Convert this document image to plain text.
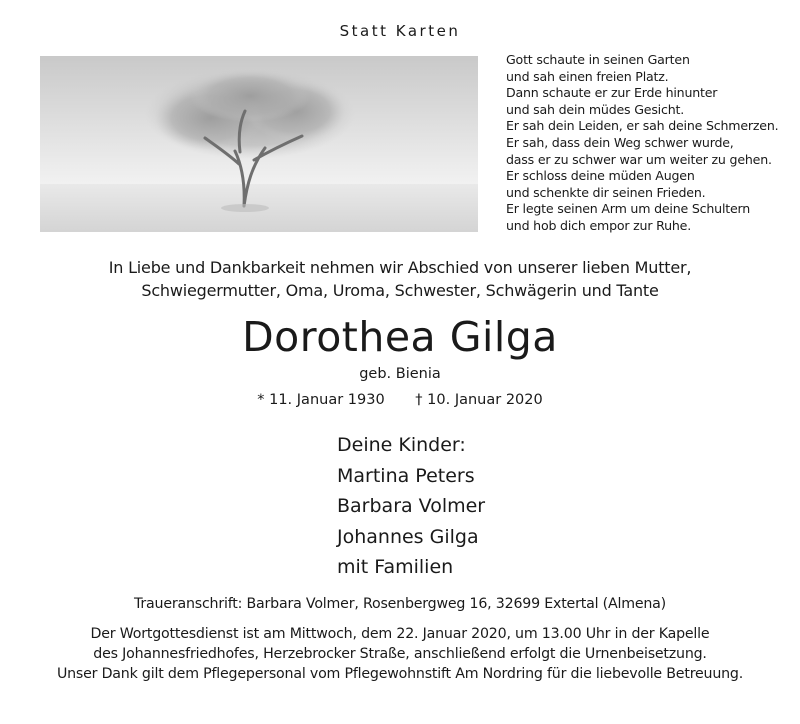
Statt Karten
Gott schaute in seinen Garten
und sah einen freien Platz.
Dann schaute er zur Erde hinunter
und sah dein müdes Gesicht.
Er sah dein Leiden, er sah deine Schmerzen.
Er sah, dass dein Weg schwer wurde,
dass er zu schwer war um weiter zu gehen.
Er schloss deine müden Augen
und schenkte dir seinen Frieden.
Er legte seinen Arm um deine Schultern
und hob dich empor zur Ruhe.
In Liebe und Dankbarkeit nehmen wir Abschied von unserer lieben Mutter,
Schwiegermutter, Oma, Uroma, Schwester, Schwägerin und Tante
Dorothea Gilga
geb. Bienia
* 11. Januar 1930 † 10. Januar 2020
Deine Kinder:
Martina Peters
Barbara Volmer
Johannes Gilga
mit Familien
Traueranschrift: Barbara Volmer, Rosenbergweg 16, 32699 Extertal (Almena)
Der Wortgottesdienst ist am Mittwoch, dem 22. Januar 2020, um 13.00 Uhr in der Kapelle
des Johannesfriedhofes, Herzebrocker Straße, anschließend erfolgt die Urnenbeisetzung.
Unser Dank gilt dem Pflegepersonal vom Pflegewohnstift Am Nordring für die liebevolle Betreuung.
